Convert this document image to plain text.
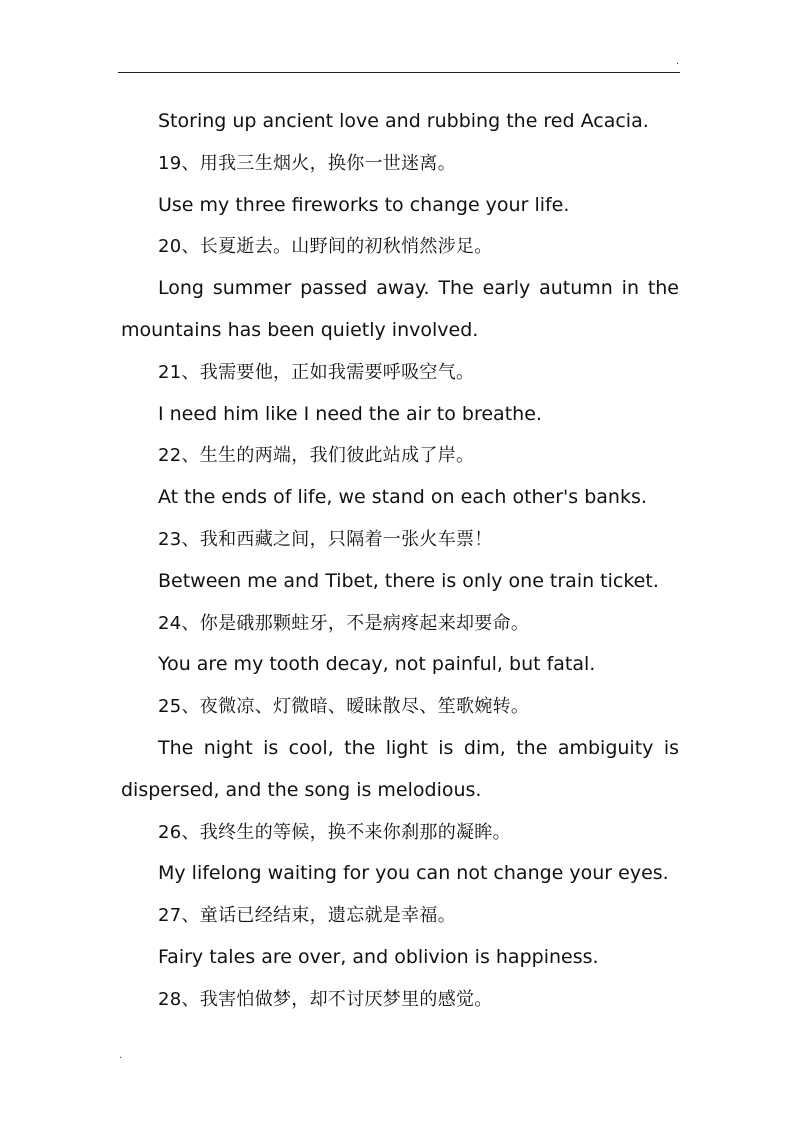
.

Storing up ancient love and rubbing the red Acacia.

19、用我三生烟火，换你一世迷离。

Use my three fireworks to change your life.

20、长夏逝去。山野间的初秋悄然涉足。

Long summer passed away. The early autumn in the mountains has been quietly involved.

21、我需要他，正如我需要呼吸空气。

I need him like I need the air to breathe.

22、生生的两端，我们彼此站成了岸。

At the ends of life, we stand on each other's banks.

23、我和西藏之间，只隔着一张火车票！

Between me and Tibet, there is only one train ticket.

24、你是硪那颗蛀牙，不是病疼起来却要命。

You are my tooth decay, not painful, but fatal.

25、夜微凉、灯微暗、暧昧散尽、笙歌婉转。

The night is cool, the light is dim, the ambiguity is dispersed, and the song is melodious.

26、我终生的等候，换不来你刹那的凝眸。

My lifelong waiting for you can not change your eyes.

27、童话已经结束，遗忘就是幸福。

Fairy tales are over, and oblivion is happiness.

28、我害怕做梦，却不讨厌梦里的感觉。

.
